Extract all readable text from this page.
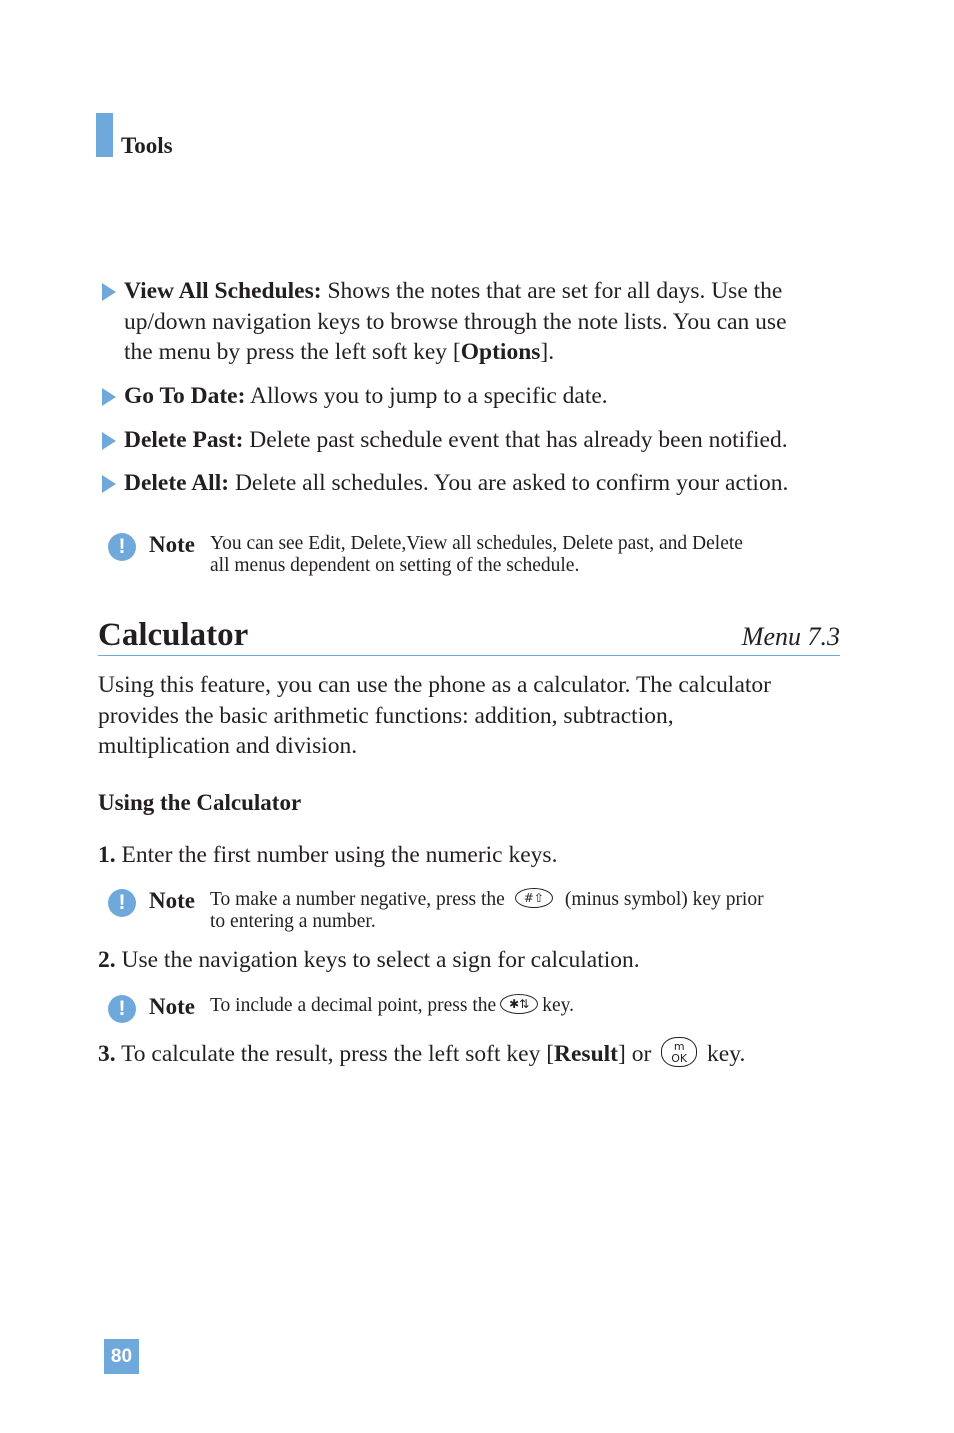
Tools
View All Schedules: Shows the notes that are set for all days. Use the
up/down navigation keys to browse through the note lists. You can use
the menu by press the left soft key [Options].
Go To Date: Allows you to jump to a specific date.
Delete Past: Delete past schedule event that has already been notified.
Delete All: Delete all schedules. You are asked to confirm your action.
!	Note You can see Edit, Delete,View all schedules, Delete past, and Delete
all menus dependent on setting of the schedule.
Calculator	Menu 7.3
Using this feature, you can use the phone as a calculator. The calculator
provides the basic arithmetic functions: addition, subtraction,
multiplication and division.
Using the Calculator
1. Enter the first number using the numeric keys.
!	Note To make a number negative, press the #⇧ (minus symbol) key prior
to entering a number.
2. Use the navigation keys to select a sign for calculation.
!	Note To include a decimal point, press the ✱⇅ key.
3. To calculate the result, press the left soft key [Result] or m
OK key.
80
